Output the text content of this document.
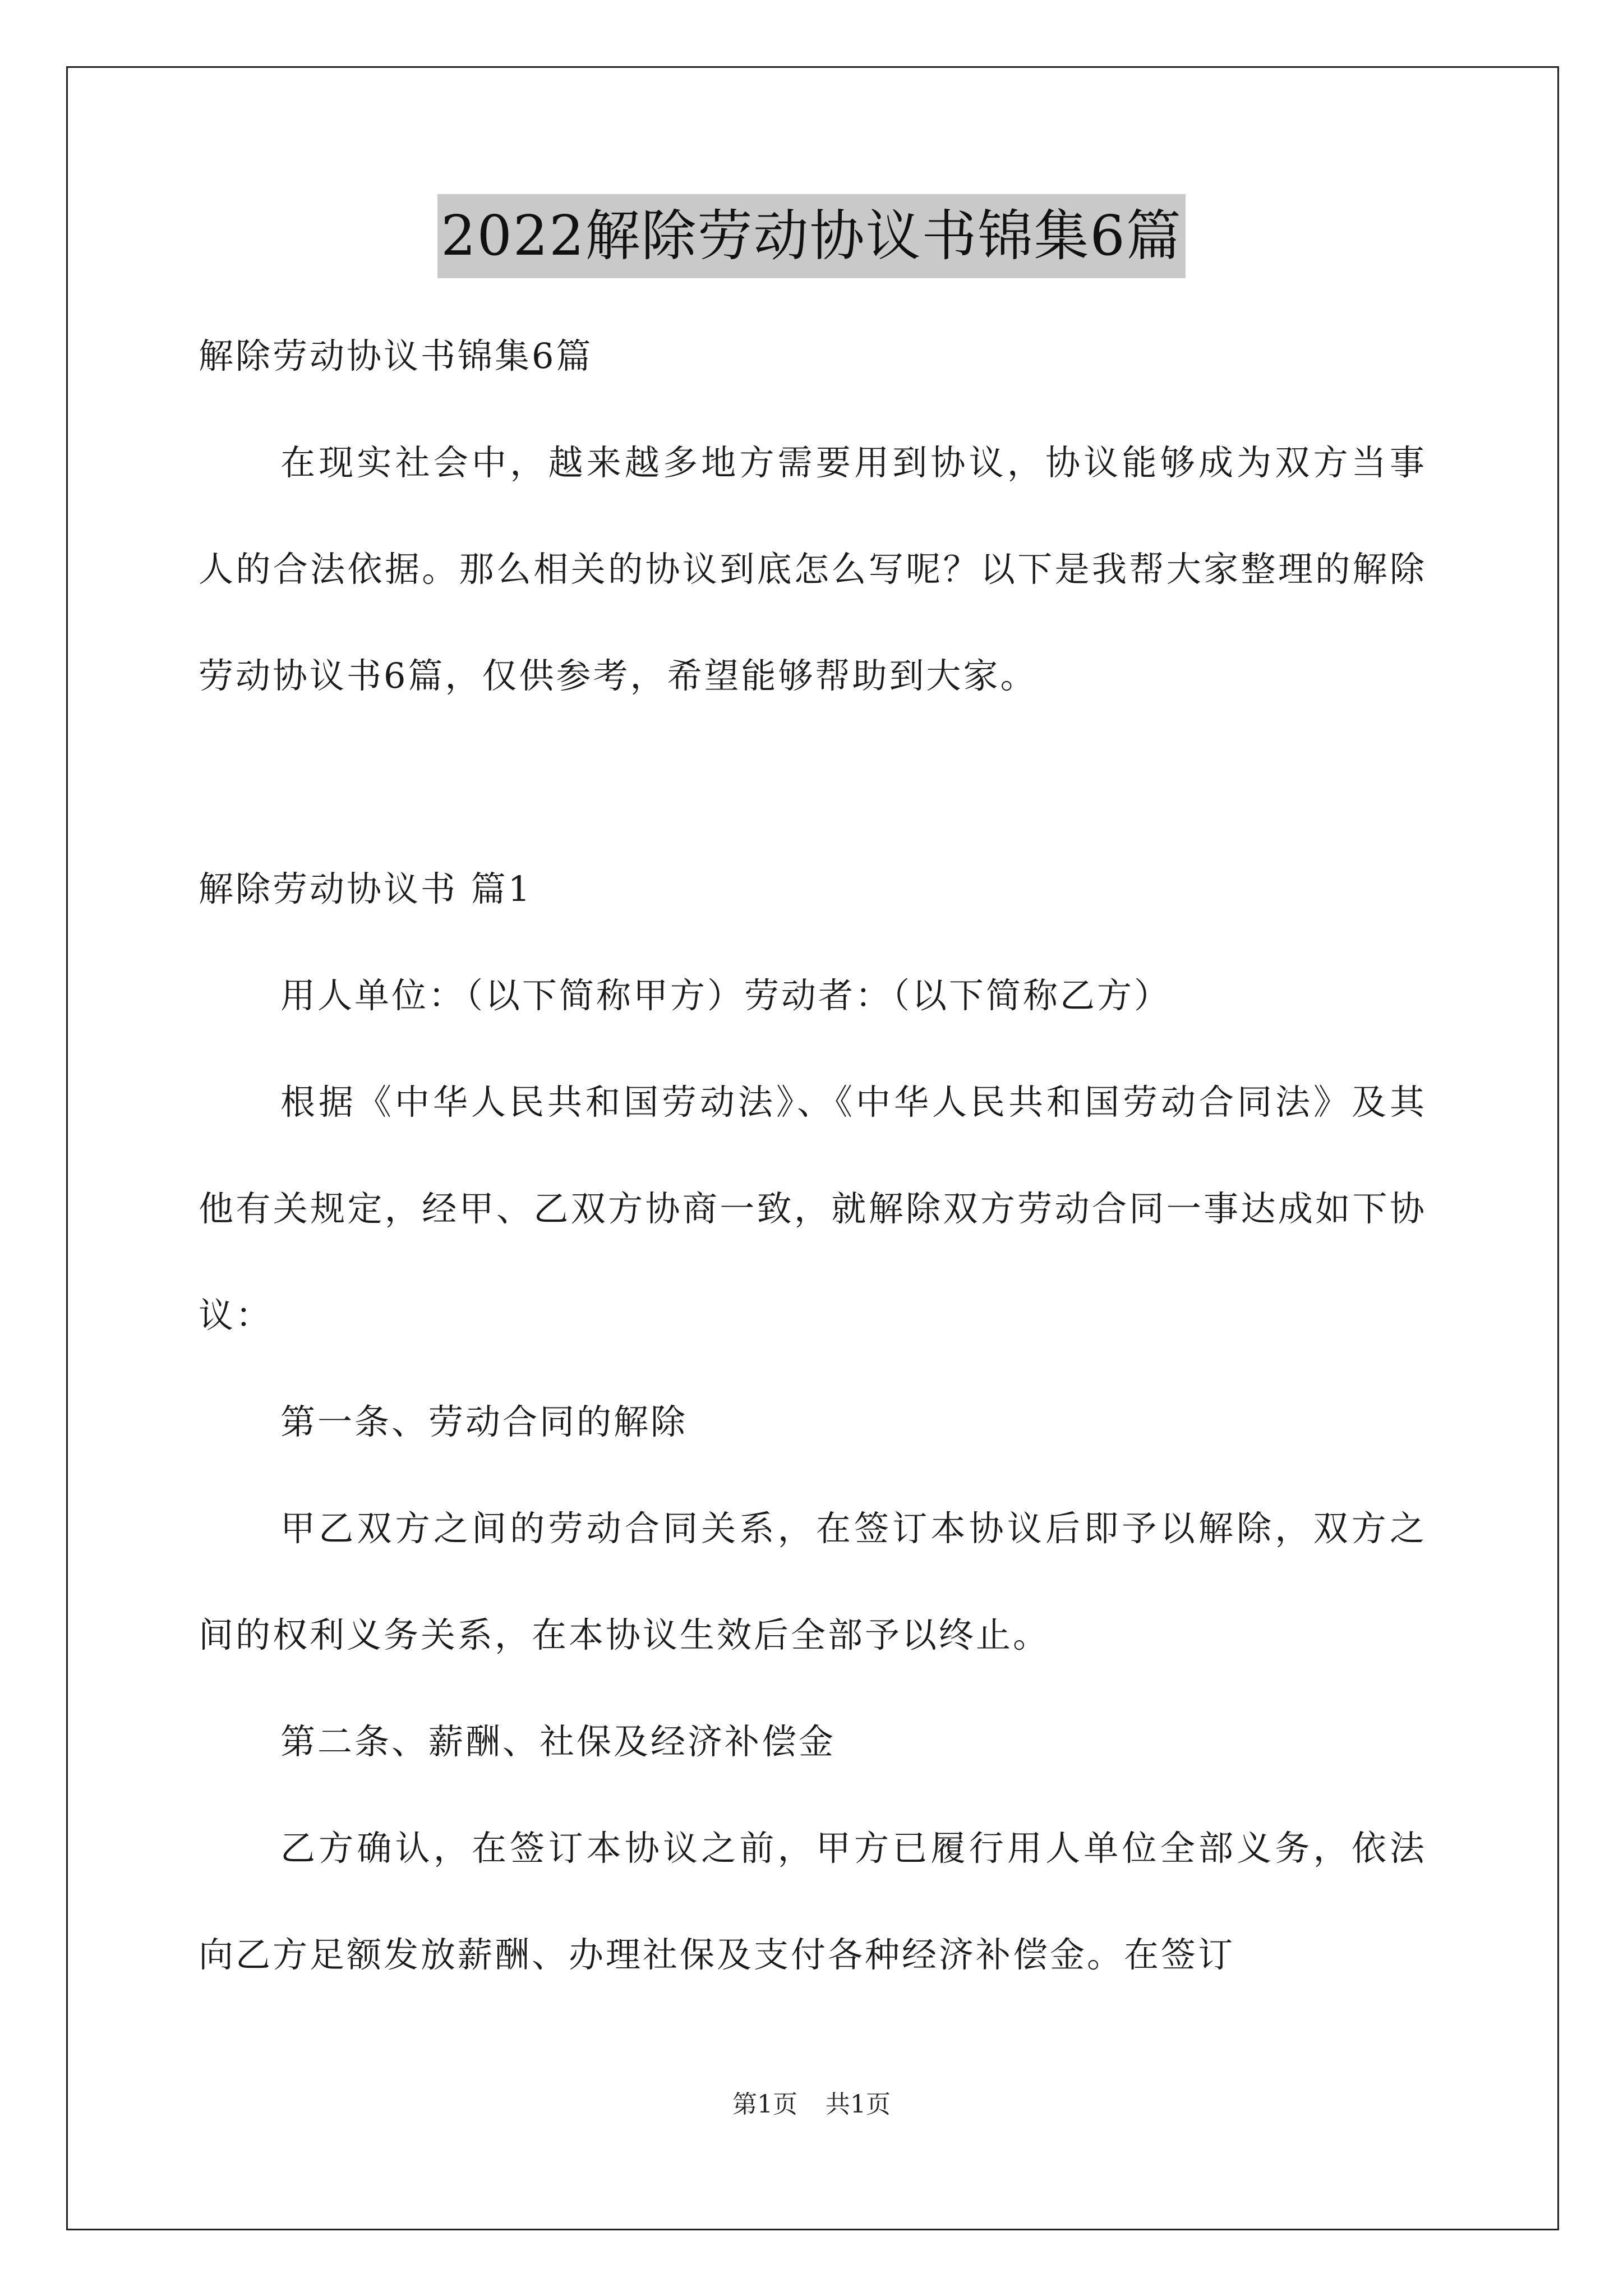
2022解除劳动协议书锦集6篇

解除劳动协议书锦集6篇

在现实社会中，越来越多地方需要用到协议，协议能够成为双方当事人的合法依据。那么相关的协议到底怎么写呢？以下是我帮大家整理的解除劳动协议书6篇，仅供参考，希望能够帮助到大家。

解除劳动协议书 篇1

用人单位：（以下简称甲方）劳动者：（以下简称乙方）

根据《中华人民共和国劳动法》、《中华人民共和国劳动合同法》及其他有关规定，经甲、乙双方协商一致，就解除双方劳动合同一事达成如下协议：

第一条、劳动合同的解除

甲乙双方之间的劳动合同关系，在签订本协议后即予以解除，双方之间的权利义务关系，在本协议生效后全部予以终止。

第二条、薪酬、社保及经济补偿金

乙方确认，在签订本协议之前，甲方已履行用人单位全部义务，依法向乙方足额发放薪酬、办理社保及支付各种经济补偿金。在签订

第1页 共1页
